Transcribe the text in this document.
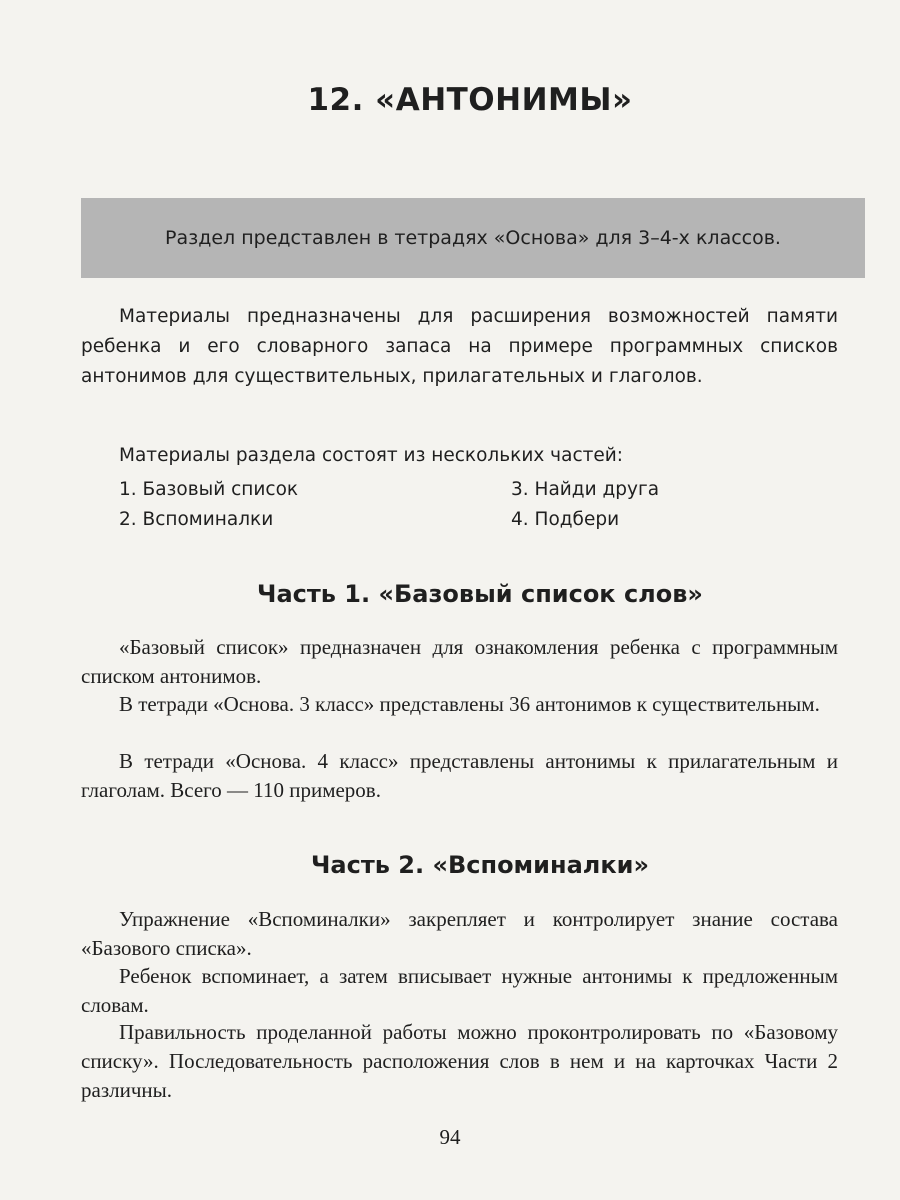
12. «АНТОНИМЫ»
Раздел представлен в тетрадях «Основа» для 3–4-х классов.

Материалы предназначены для расширения возможностей памяти ребенка и его словарного запаса на примере программных списков антонимов для существительных, прилагательных и глаголов.

Материалы раздела состоят из нескольких частей:
1. Базовый список
2. Вспоминалки
3. Найди друга
4. Подбери
Часть 1. «Базовый список слов»

«Базовый список» предназначен для ознакомления ребенка с программным списком антонимов.

В тетради «Основа. 3 класс» представлены 36 антонимов к существительным.

В тетради «Основа. 4 класс» представлены антонимы к прилагательным и глаголам. Всего — 110 примеров.

Часть 2. «Вспоминалки»

Упражнение «Вспоминалки» закрепляет и контролирует знание состава «Базового списка».

Ребенок вспоминает, а затем вписывает нужные антонимы к предложенным словам.

Правильность проделанной работы можно проконтролировать по «Базовому списку». Последовательность расположения слов в нем и на карточках Части 2 различны.

94
